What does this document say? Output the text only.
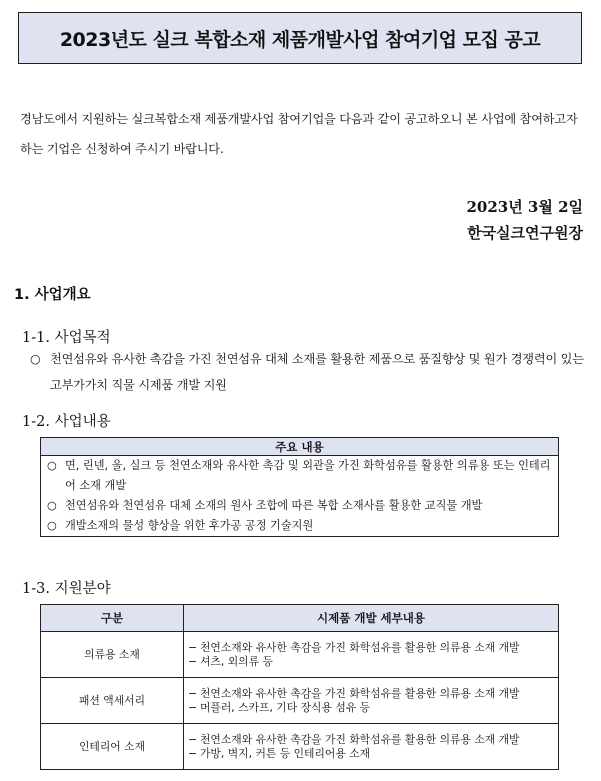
2023년도 실크 복합소재 제품개발사업 참여기업 모집 공고
경남도에서 지원하는 실크복합소재 제품개발사업 참여기업을 다음과 같이 공고하오니 본 사업에 참여하고자 하는 기업은 신청하여 주시기 바랍니다.
2023년 3월 2일
한국실크연구원장
1. 사업개요
1-1. 사업목적
○ 천연섬유와 유사한 촉감을 가진 천연섬유 대체 소재를 활용한 제품으로 품질향상 및 원가 경쟁력이 있는 고부가가치 직물 시제품 개발 지원
1-2. 사업내용
주요 내용

○ 면, 린넨, 울, 실크 등 천연소재와 유사한 촉감 및 외관을 가진 화학섬유를 활용한 의류용 또는 인테리어 소재 개발
○ 천연섬유와 천연섬유 대체 소재의 원사 조합에 따른 복합 소재사를 활용한 교직물 개발
○ 개발소재의 물성 향상을 위한 후가공 공정 기술지원
1-3. 지원분야
구분	시제품 개발 세부내용
의류용 소재	− 천연소재와 유사한 촉감을 가진 화학섬유를 활용한 의류용 소재 개발
− 셔츠, 외의류 등

패션 액세서리	− 천연소재와 유사한 촉감을 가진 화학섬유를 활용한 의류용 소재 개발
− 머플러, 스카프, 기타 장식용 섬유 등

인테리어 소재	− 천연소재와 유사한 촉감을 가진 화학섬유를 활용한 의류용 소재 개발
− 가방, 벽지, 커튼 등 인테리어용 소재
